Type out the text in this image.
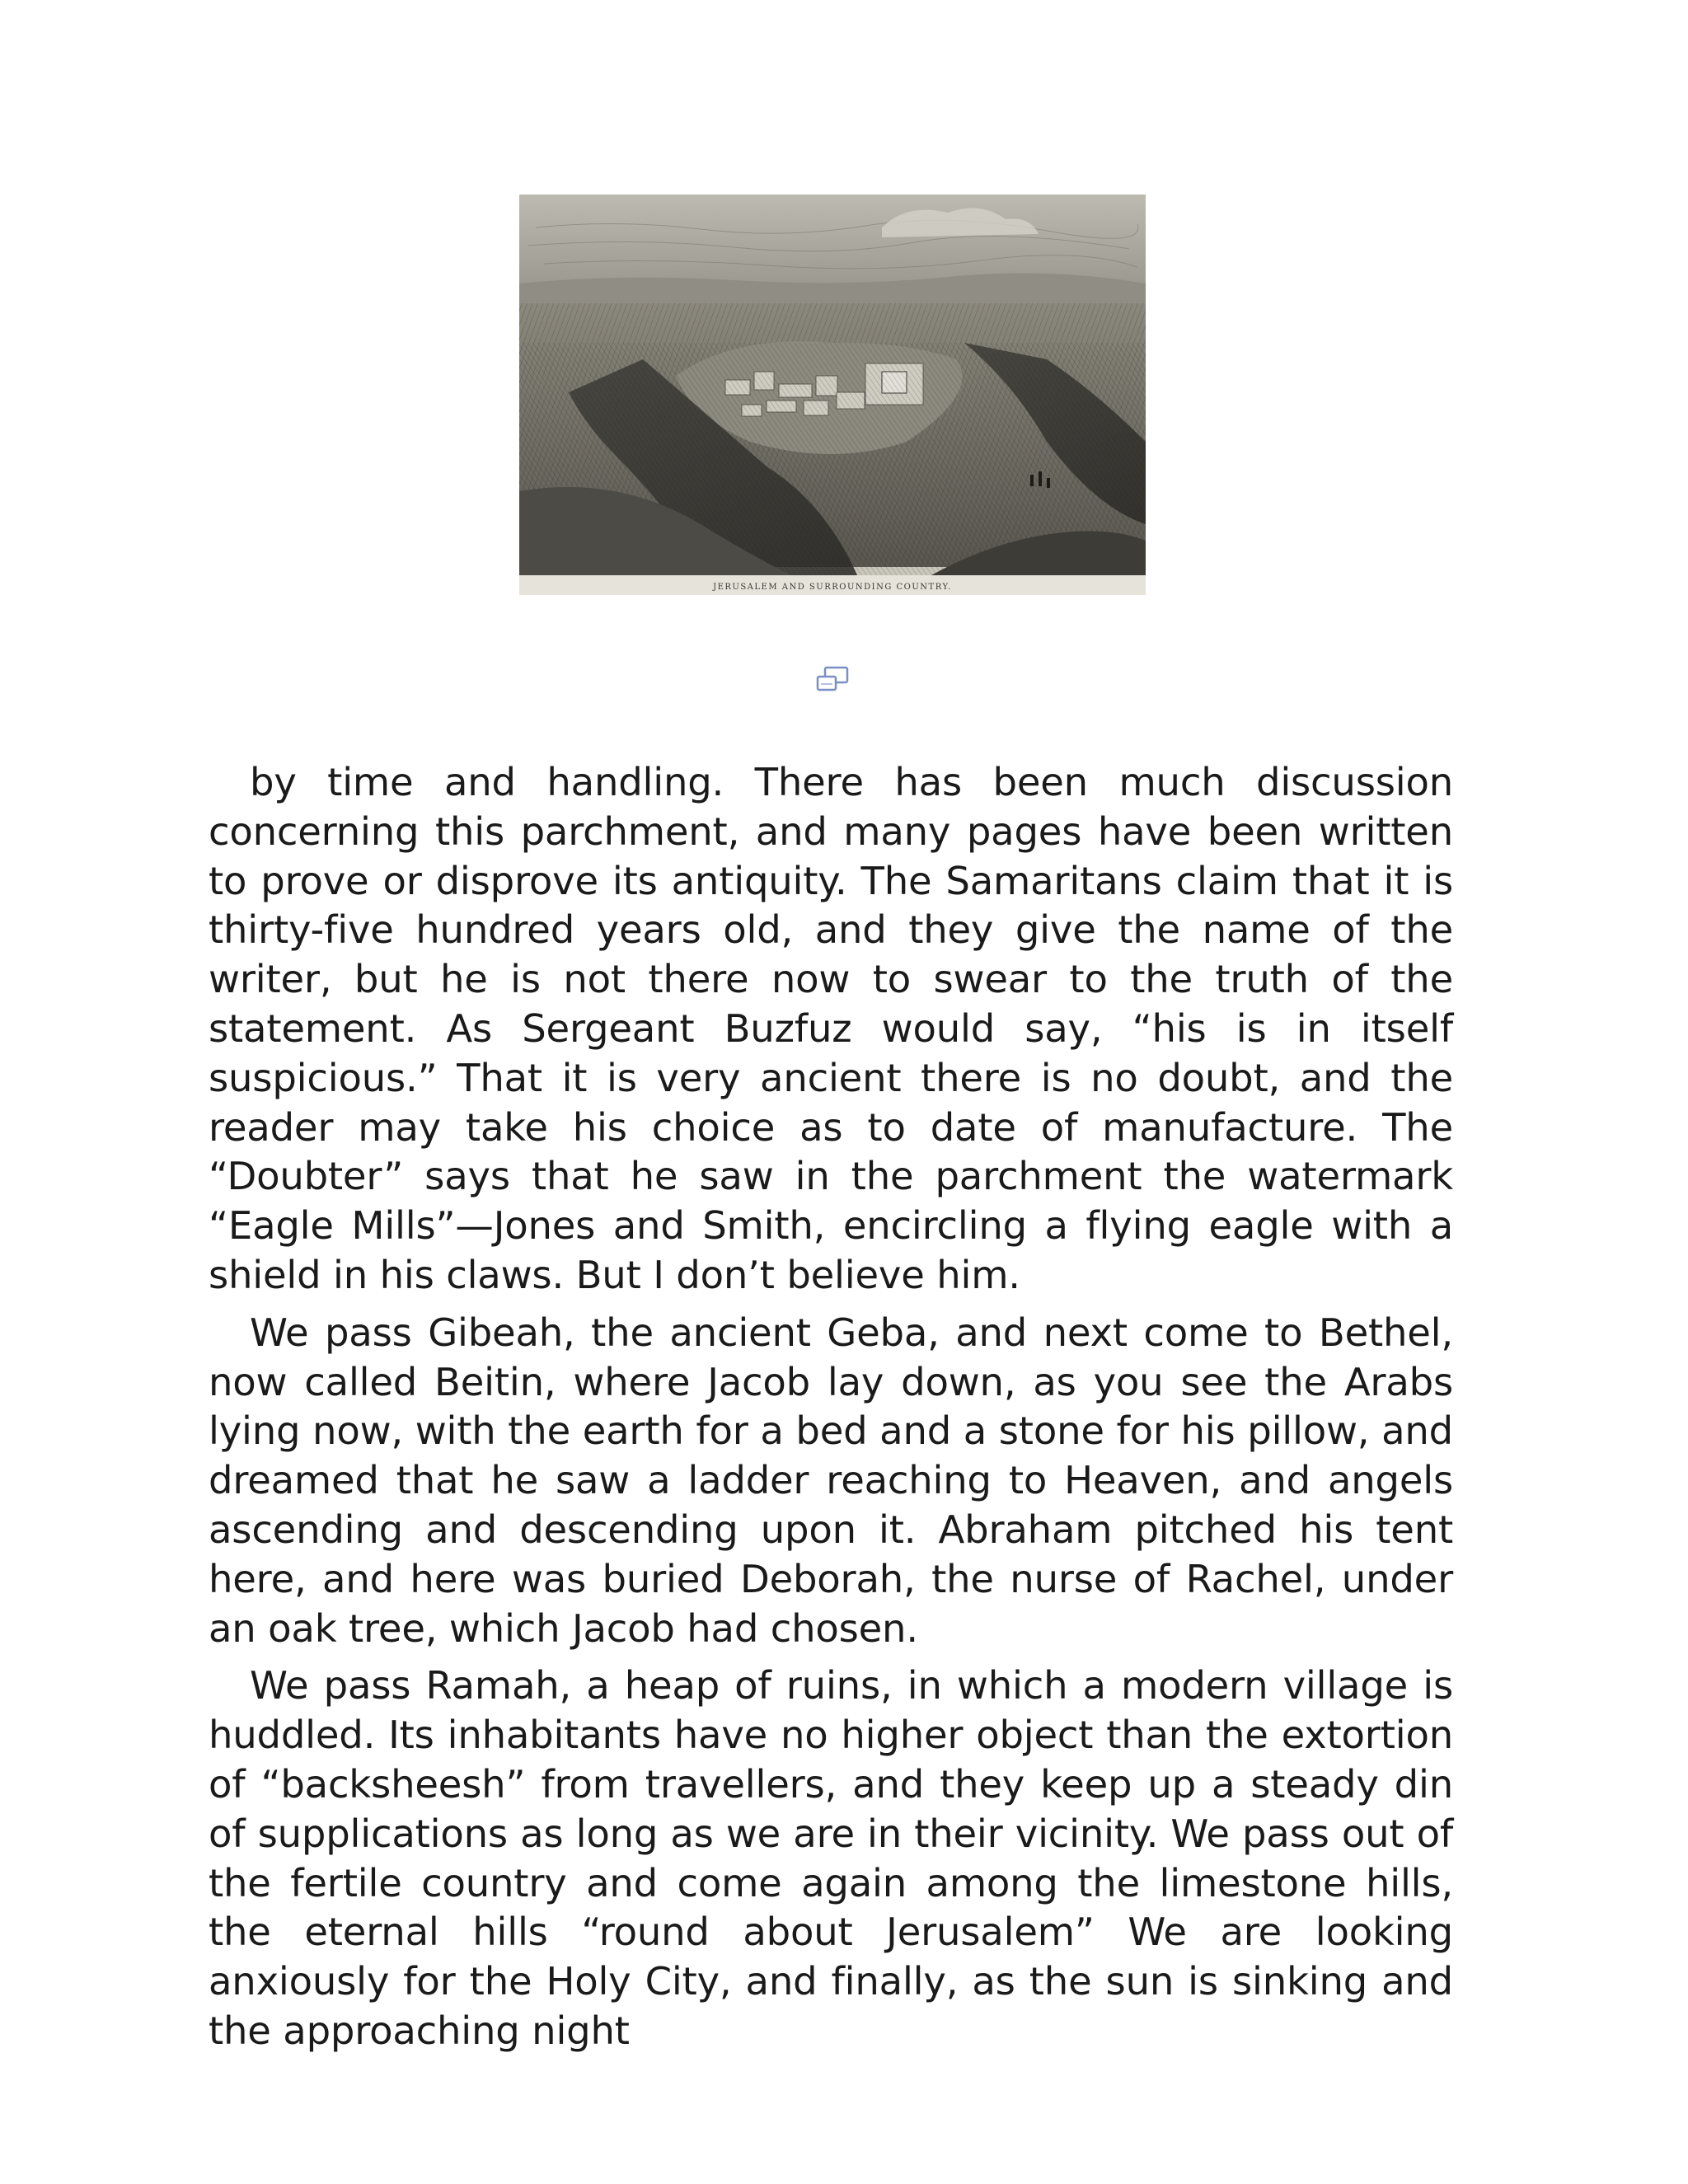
JERUSALEM AND SURROUNDING COUNTRY.

by time and handling. There has been much discussion concerning this parchment, and many pages have been written to prove or disprove its antiquity. The Samaritans claim that it is thirty-five hundred years old, and they give the name of the writer, but he is not there now to swear to the truth of the statement. As Sergeant Buzfuz would say, “his is in itself suspicious.” That it is very ancient there is no doubt, and the reader may take his choice as to date of manufacture. The “Doubter” says that he saw in the parchment the watermark “Eagle Mills”—Jones and Smith, encircling a flying eagle with a shield in his claws. But I don’t believe him.

We pass Gibeah, the ancient Geba, and next come to Bethel, now called Beitin, where Jacob lay down, as you see the Arabs lying now, with the earth for a bed and a stone for his pillow, and dreamed that he saw a ladder reaching to Heaven, and angels ascending and descending upon it. Abraham pitched his tent here, and here was buried Deborah, the nurse of Rachel, under an oak tree, which Jacob had chosen.

We pass Ramah, a heap of ruins, in which a modern village is huddled. Its inhabitants have no higher object than the extortion of “backsheesh” from travellers, and they keep up a steady din of supplications as long as we are in their vicinity. We pass out of the fertile country and come again among the limestone hills, the eternal hills “round about Jerusalem” We are looking anxiously for the Holy City, and finally, as the sun is sinking and the approaching night
